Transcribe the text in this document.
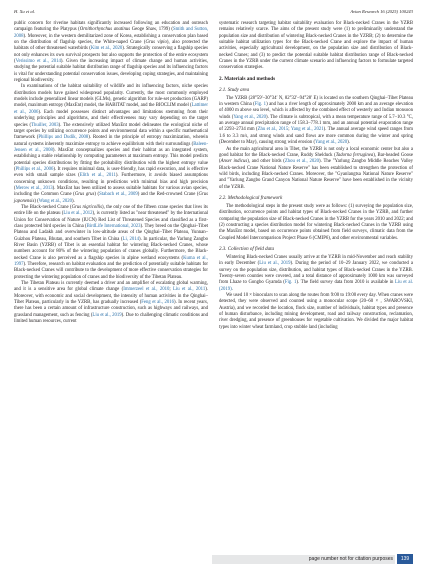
H. Xu et al.	Avian Research 16 (2025) 100243

public concern for riverine habitats significantly increased following an education and outreach campaign featuring the Platypus (Ornithorhynchus anatinus Geoge Shaw, 1799) (Smith and Sutton, 2008). Moreover, in the western demilitarized zone of Korea, establishing a conservation plan based on the distribution of flagship species, the White-naped Crane (Grus vipio), also protected the habitats of other threatened waterbirds (Kim et al., 2020). Strategically conserving a flagship species not only enhances its own survival prospects but also supports the protection of the entire ecosystem (Verissimo et al., 2014). Given the increasing impact of climate change and human activities, studying the potential suitable habitat distribution range of flagship species and its influencing factors is vital for understanding potential conservation issues, developing coping strategies, and maintaining regional biodiversity.

In examinations of the habitat suitability of wildlife and its influencing factors, niche species distribution models have gained widespread popularity. Currently, the most commonly employed models include generalized linear models (GLMs), genetic algorithm for rule-set production (GARP) model, maximum entropy (MaxEnt) model, the HABITAT model, and the BIOCLIM model (Lattimer et al., 2006). Each model possesses distinct advantages and limitations stemming from their underlying principles and algorithms, and their effectiveness may vary depending on the target species (Thuiller, 2003). The extensively utilized MaxEnt model delineates the ecological niche of target species by utilizing occurrence points and environmental data within a specific mathematical framework (Phillips and Dudík, 2008). Rooted in the principle of entropy maximization, wherein natural systems inherently maximize entropy to achieve equilibrium with their surroundings (Baleen-Jensen et al., 2008). MaxEnt conceptualizes species and their habitat as an integrated system, establishing a stable relationship by computing parameters at maximum entropy. This model predicts potential species distributions by fitting the probability distribution with the highest entropy value (Phillips et al., 2006). It requires minimal data, is user-friendly, has rapid execution, and is effective even with small sample sizes (Elith et al., 2011). Furthermore, it avoids biased assumptions concerning unknown conditions, resulting in predictions with minimal bias and high precision (Merow et al., 2013). MaxEnt has been utilized to assess suitable habitats for various avian species, including the Common Crane (Grus grus) (Stabach et al., 2009) and the Red-crowned Crane (Grus japonensis) (Wang et al., 2020).

The Black-necked Crane (Grus nigricollis), the only one of the fifteen crane species that lives its entire life on the plateau (Liu et al., 2012), is currently listed as "near threatened" by the International Union for Conservation of Nature (IUCN) Red List of Threatened Species and classified as a first-class protected bird species in China (BirdLife International, 2023). They breed on the Qinghai–Tibet Plateau and Ladakh and overwinter in low-altitude areas of the Qinghai–Tibet Plateau, Yunnan–Guizhou Plateau, Bhutan, and southern Tibet in China (Li, 2014). In particular, the Yarlung Zangbo River Basin (YZRB) of Tibet is an essential habitat for wintering Black-necked Cranes, whose numbers account for 80% of the wintering population of cranes globally. Furthermore, the Black-necked Crane is also perceived as a flagship species in alpine wetland ecosystems (Kuma et al., 1997). Therefore, research on habitat evaluation and the prediction of potentially suitable habitats for Black-necked Cranes will contribute to the development of more effective conservation strategies for protecting the wintering population of cranes and the biodiversity of the Tibetan Plateau.

The Tibetan Plateau is currently deemed a driver and an amplifier of escalating global warming, and it is a sensitive area for global climate change (Immerzeel et al., 2010; Liu et al., 2011). Moreover, with economic and social development, the intensity of human activities in the Qinghai–Tibet Plateau, particularly in the YZRB, has gradually increased (Feng et al., 2016). In recent years, there has been a certain amount of infrastructure construction, such as highways and railways, and grassland management, such as fencing (Liu et al., 2019). Due to challenging climatic conditions and limited human resources, current

systematic research targeting habitat suitability evaluation for Black-necked Cranes in the YZRB remains relatively scarce. The aims of the present study were (1) to preliminarily understand the population size and distribution of wintering Black-necked Cranes in the YZRB; (2) to determine the suitable habitat utilization types for the Black-necked Crane and explore the impact of human activities, especially agricultural development, on the population size and distribution of Black-necked Cranes; and (3) to predict the potential suitable habitat distribution range of Black-necked Cranes in the YZRB under the current climate scenario and influencing factors to formulate targeted conservation strategies.

2. Materials and methods
2.1. Study area

The YZRB (28°59′–30°34′ N, 82°32′–94°28′ E) is located on the southern Qinghai–Tibet Plateau in western China (Fig. 1) and has a river length of approximately 2000 km and an average elevation of 4000 m above sea level, which is affected by the combined effect of westerly and Indian monsoon winds (Yang et al., 2020). The climate is subtropical, with a mean temperature range of 5.7–10.3 °C, an average annual precipitation range of 158.3–778.1 mm, and an annual potential evaporation range of 2293–2734 mm (Zhu et al., 2015; Yang et al., 2021). The annual average wind speed ranges from 1.6 to 3.3 m/s, and strong winds and sand flows are more common during the winter and spring (December to May), causing strong wind erosion (Yang et al., 2020).

As the main agricultural area in Tibet, the YZRB is not only a local economic center but also a good habitat for the Black-necked Crane, Ruddy Shelduck (Tadorna ferruginea), Bar-headed Goose (Anser indicus), and other birds (Zhou et al., 2020). The "Yarlung Zangbo Middle Reaches Valley Black-necked Crane National Nature Reserve" has been established to strengthen the protection of wild birds, including Black-necked Cranes. Moreover, the "Gyanlangtsa National Nature Reserve" and "Yarlung Zangbo Grand Canyon National Nature Reserve" have been established in the vicinity of the YZRB.

2.2. Methodological framework

The methodological steps in the present study were as follows: (1) surveying the population size, distribution, occurrence points and habitat types of Black-necked Cranes in the YZRB, and further comparing the population size of Black-necked Cranes in the YZRB for the years 2010 and 2022; and (2) constructing a species distribution model for wintering Black-necked Cranes in the YZRB using the MaxEnt model, based on occurrence points obtained from field surveys, climatic data from the Coupled Model Intercomparison Project Phase 6 (CMIP6), and other environmental variables.

2.3. Collection of field data

Wintering Black-necked Cranes usually arrive at the YZRB in mid-November and reach stability in early December (Liu et al., 2019). During the period of 10–29 January 2022, we conducted a survey on the population size, distribution, and habitat types of Black-necked Cranes in the YZRB. Twenty-seven counties were covered, and a total distance of approximately 1000 km was surveyed from Lhaze to Gongbo Gyamda (Fig. 1). The field survey data from 2010 is available in Liu et al. (2019).

We used 10 × binoculars to scan along the routes from 9:00 to 19:00 every day. When cranes were detected, they were observed and counted using a monocular scope (20–60 × , SWAROVSKI, Austria), and we recorded the location, flock size, number of individuals, habitat types and presence of human disturbance, including mining development, road and railway construction, reclamation, river dredging, and presence of greenhouses for vegetable cultivation. We divided the major habitat types into winter wheat farmland, crop stubble land (including

page number not for citation purposes	139
